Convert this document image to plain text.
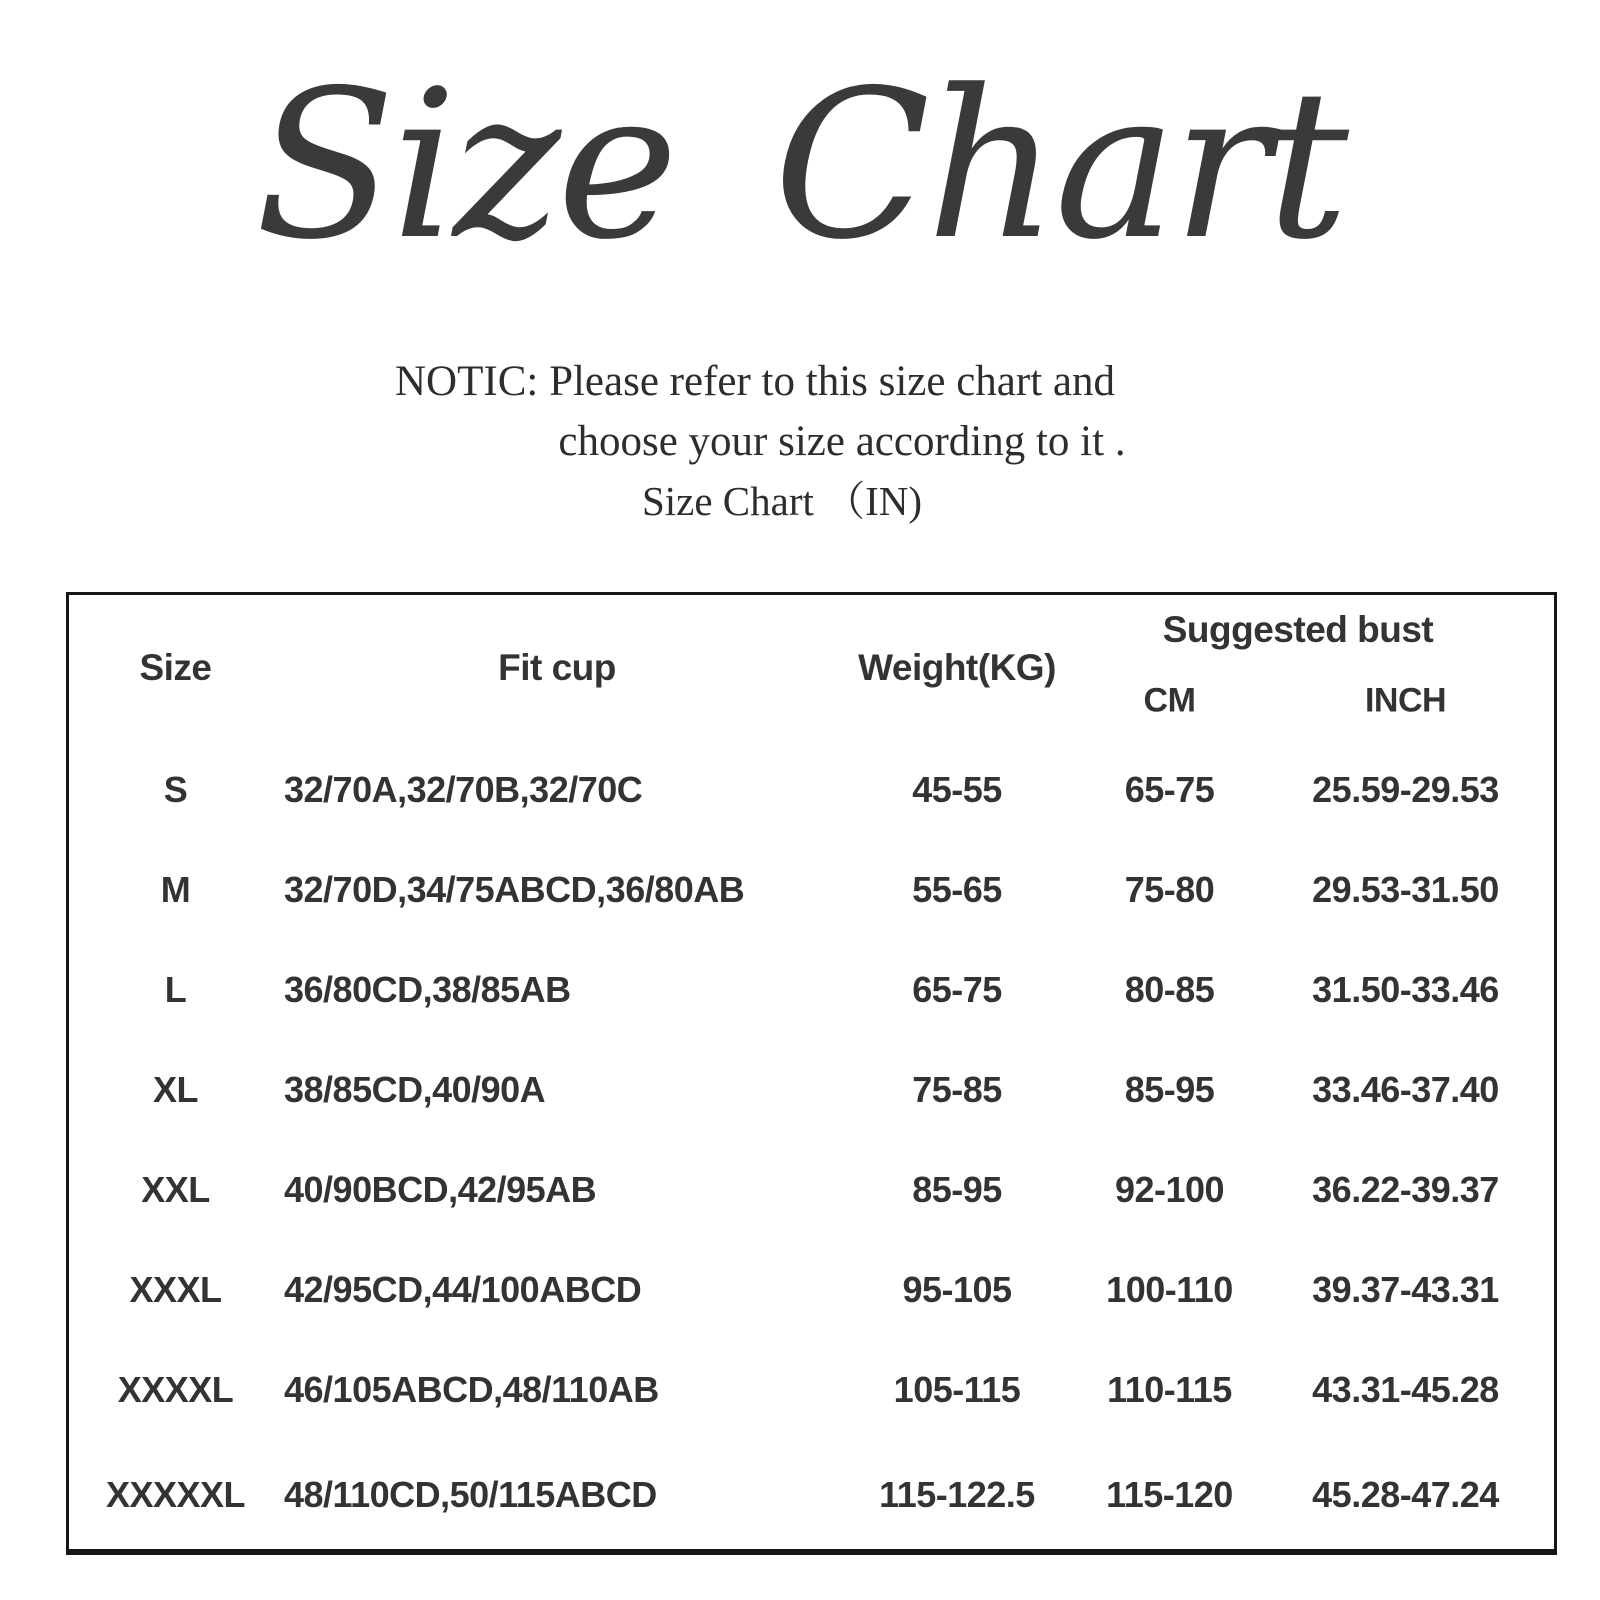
Size Chart
NOTIC: Please refer to this size chart and
choose your size according to it .
Size Chart （IN)
Size	Fit cup	Weight(KG)
Suggested bust
CM	INCH
S	32/70A,32/70B,32/70C	45-55	65-75	25.59-29.53
M	32/70D,34/75ABCD,36/80AB	55-65	75-80	29.53-31.50
L	36/80CD,38/85AB	65-75	80-85	31.50-33.46
XL	38/85CD,40/90A	75-85	85-95	33.46-37.40
XXL	40/90BCD,42/95AB	85-95	92-100	36.22-39.37
XXXL	42/95CD,44/100ABCD	95-105	100-110	39.37-43.31
XXXXL	46/105ABCD,48/110AB	105-115	110-115	43.31-45.28
XXXXXL	48/110CD,50/115ABCD	115-122.5	115-120	45.28-47.24
